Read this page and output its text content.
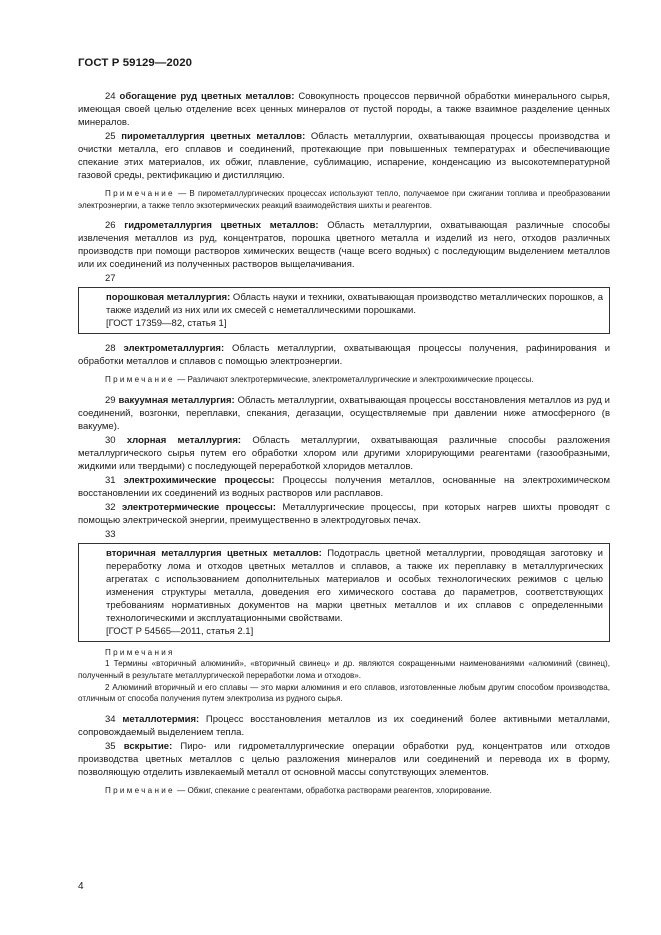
ГОСТ Р 59129—2020

24 обогащение руд цветных металлов: Совокупность процессов первичной обработки минерального сырья, имеющая своей целью отделение всех ценных минералов от пустой породы, а также взаимное разделение ценных минералов.

25 пирометаллургия цветных металлов: Область металлургии, охватывающая процессы производства и очистки металла, его сплавов и соединений, протекающие при повышенных температурах и обеспечивающие спекание этих материалов, их обжиг, плавление, сублимацию, испарение, конденсацию из высокотемпературной газовой среды, ректификацию и дистилляцию.

Примечание — В пирометаллургических процессах используют тепло, получаемое при сжигании топлива и преобразовании электроэнергии, а также тепло экзотермических реакций взаимодействия шихты и реагентов.

26 гидрометаллургия цветных металлов: Область металлургии, охватывающая различные способы извлечения металлов из руд, концентратов, порошка цветного металла и изделий из него, отходов различных производств при помощи растворов химических веществ (чаще всего водных) с последующим выделением металлов или их соединений из полученных растворов выщелачивания.

27

порошковая металлургия: Область науки и техники, охватывающая производство металлических порошков, а также изделий из них или их смесей с неметаллическими порошками.

[ГОСТ 17359—82, статья 1]

28 электрометаллургия: Область металлургии, охватывающая процессы получения, рафинирования и обработки металлов и сплавов с помощью электроэнергии.

Примечание — Различают электротермические, электрометаллургические и электрохимические процессы.

29 вакуумная металлургия: Область металлургии, охватывающая процессы восстановления металлов из руд и соединений, возгонки, переплавки, спекания, дегазации, осуществляемые при давлении ниже атмосферного (в вакууме).

30 хлорная металлургия: Область металлургии, охватывающая различные способы разложения металлургического сырья путем его обработки хлором или другими хлорирующими реагентами (газообразными, жидкими или твердыми) с последующей переработкой хлоридов металлов.

31 электрохимические процессы: Процессы получения металлов, основанные на электрохимическом восстановлении их соединений из водных растворов или расплавов.

32 электротермические процессы: Металлургические процессы, при которых нагрев шихты проводят с помощью электрической энергии, преимущественно в электродуговых печах.

33

вторичная металлургия цветных металлов: Подотрасль цветной металлургии, проводящая заготовку и переработку лома и отходов цветных металлов и сплавов, а также их переплавку в металлургических агрегатах с использованием дополнительных материалов и особых технологических режимов с целью изменения структуры металла, доведения его химического состава до параметров, соответствующих требованиям нормативных документов на марки цветных металлов и их сплавов с определенными технологическими и эксплуатационными свойствами.

[ГОСТ Р 54565—2011, статья 2.1]

Примечания

1 Термины «вторичный алюминий», «вторичный свинец» и др. являются сокращенными наименованиями «алюминий (свинец), полученный в результате металлургической переработки лома и отходов».

2 Алюминий вторичный и его сплавы — это марки алюминия и его сплавов, изготовленные любым другим способом производства, отличным от способа получения путем электролиза из рудного сырья.

34 металлотермия: Процесс восстановления металлов из их соединений более активными металлами, сопровождаемый выделением тепла.

35 вскрытие: Пиро- или гидрометаллургические операции обработки руд, концентратов или отходов производства цветных металлов с целью разложения минералов или соединений и перевода их в форму, позволяющую отделить извлекаемый металл от основной массы сопутствующих элементов.

Примечание — Обжиг, спекание с реагентами, обработка растворами реагентов, хлорирование.

4
